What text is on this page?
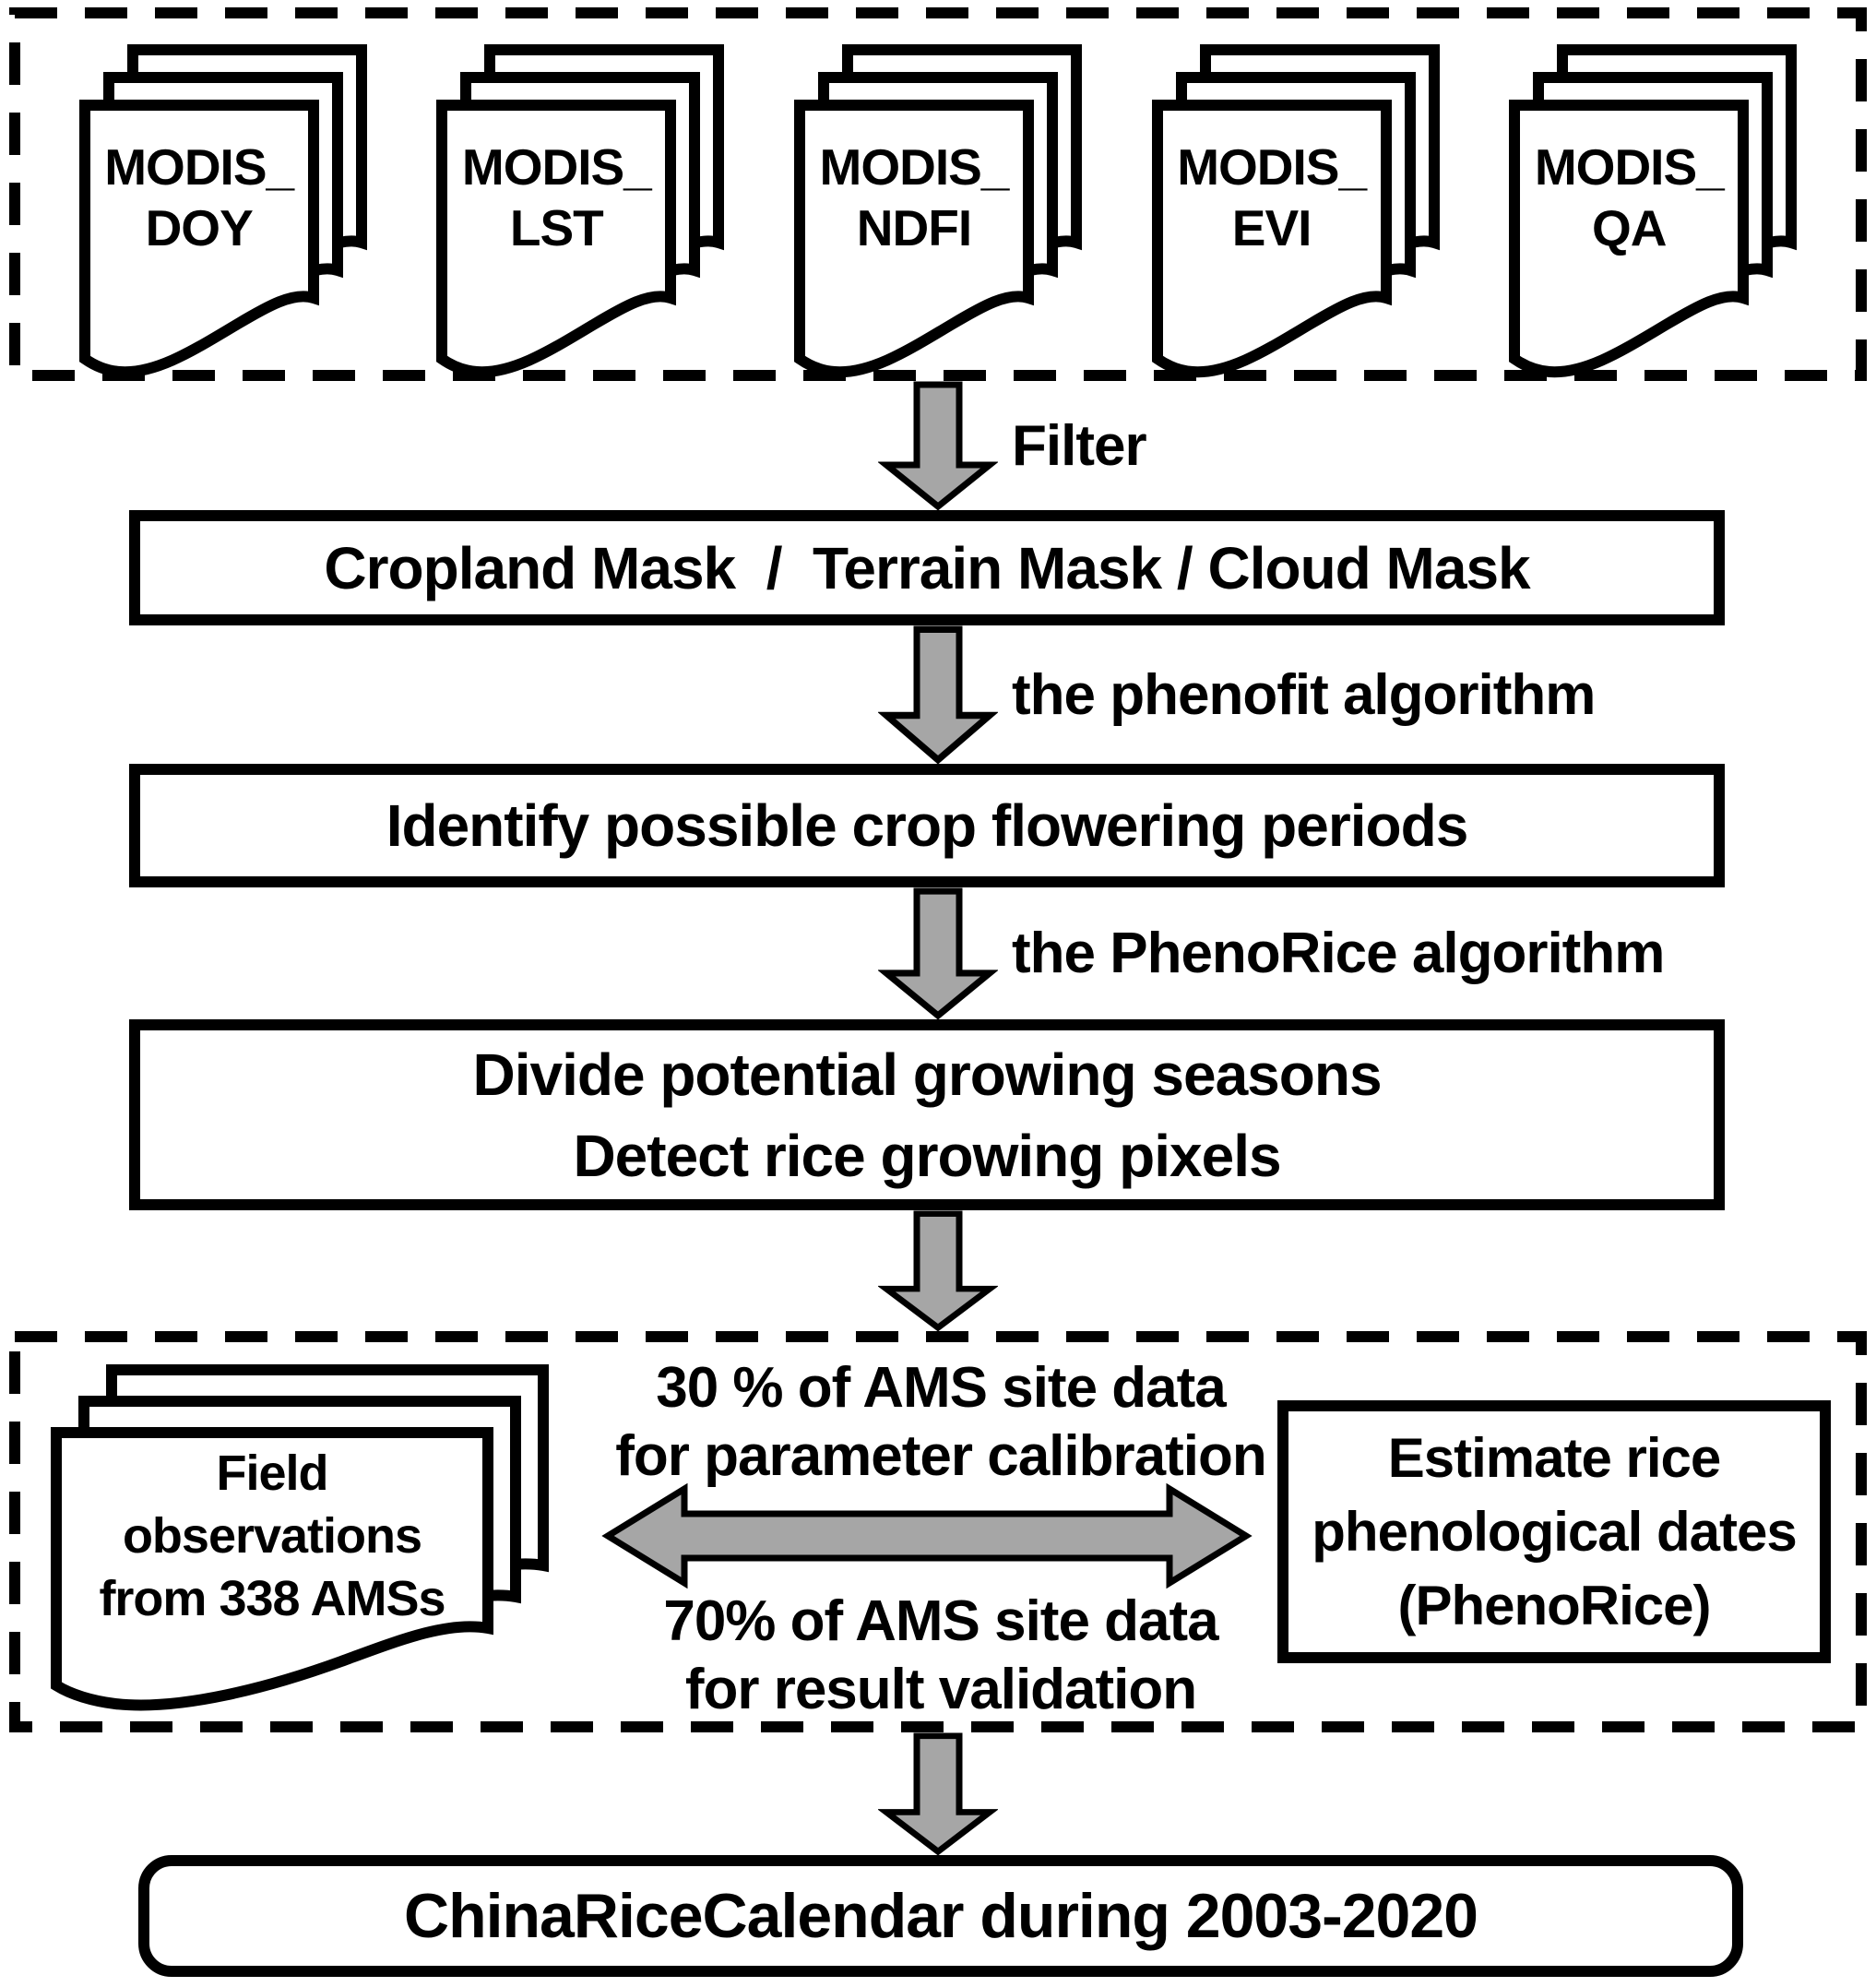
MODIS_
DOY
MODIS_
LST
MODIS_
NDFI
MODIS_
EVI
MODIS_
QA
Filter
Cropland Mask  /  Terrain Mask / Cloud Mask
the phenofit algorithm
Identify possible crop flowering periods
the PhenoRice algorithm
Divide potential growing seasons
Detect rice growing pixels
Field
observations
from 338 AMSs
30 % of AMS site data
for parameter calibration
70% of AMS site data
for result validation
Estimate rice
phenological dates
(PhenoRice)
ChinaRiceCalendar during 2003-2020
